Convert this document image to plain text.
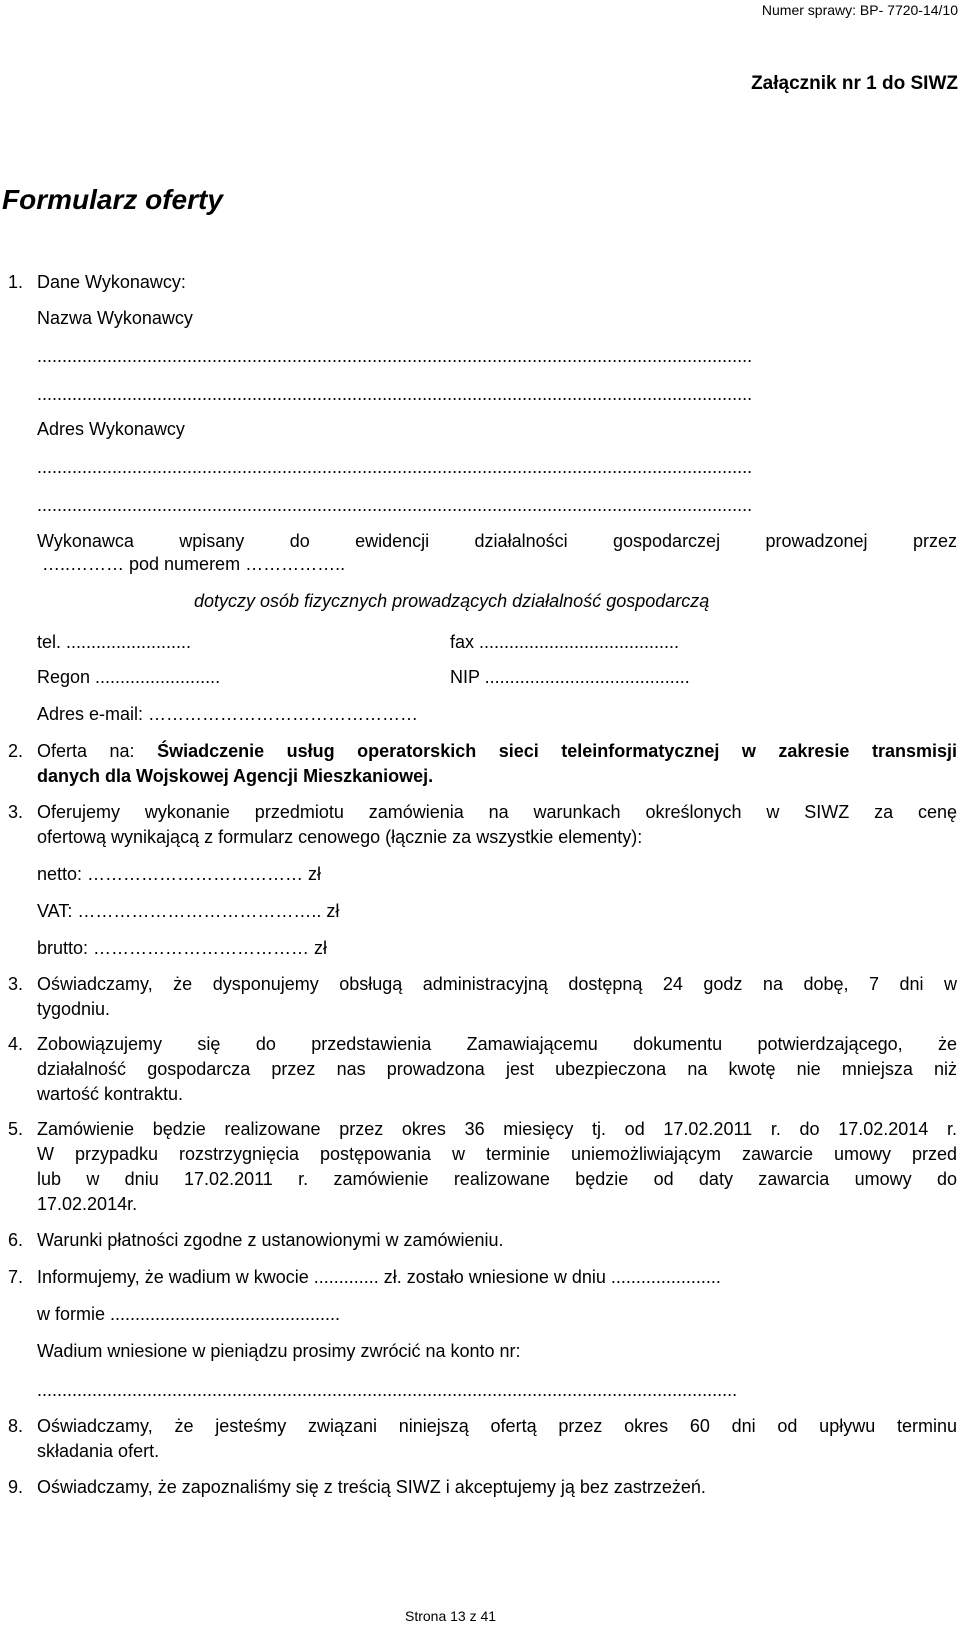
Numer sprawy: BP- 7720-14/10
Załącznik nr 1 do SIWZ
Formularz oferty
1. Dane Wykonawcy:
Nazwa Wykonawcy
...............................................................................................................................................
...............................................................................................................................................
Adres Wykonawcy
...............................................................................................................................................
...............................................................................................................................................
Wykonawca	wpisany	do	ewidencji	działalności	gospodarczej	prowadzonej	przez
…..……… pod numerem ……………..
dotyczy osób fizycznych prowadzących działalność gospodarczą
tel. .........................	fax ........................................
Regon .........................	NIP .........................................
Adres e-mail: ………………………………………
2. Oferta na: Świadczenie usług operatorskich sieci teleinformatycznej w zakresie transmisji
danych dla Wojskowej Agencji Mieszkaniowej.
3. Oferujemy wykonanie przedmiotu zamówienia na warunkach określonych w SIWZ za cenę
ofertową wynikającą z formularz cenowego (łącznie za wszystkie elementy):
netto: ……………………………… zł
VAT: ………………………………….. zł
brutto: ……………………………… zł
3. Oświadczamy, że dysponujemy obsługą administracyjną dostępną 24 godz na dobę, 7 dni w
tygodniu.
4. Zobowiązujemy się do przedstawienia Zamawiającemu dokumentu potwierdzającego, że
działalność gospodarcza przez nas prowadzona jest ubezpieczona na kwotę nie mniejsza niż
wartość kontraktu.
5. Zamówienie będzie realizowane przez okres 36 miesięcy tj. od 17.02.2011 r. do 17.02.2014 r.
W przypadku rozstrzygnięcia postępowania w terminie uniemożliwiającym zawarcie umowy przed
lub w dniu 17.02.2011 r. zamówienie realizowane będzie od daty zawarcia umowy do
17.02.2014r.
6. Warunki płatności zgodne z ustanowionymi w zamówieniu.
7. Informujemy, że wadium w kwocie ............. zł. zostało wniesione w dniu ......................
w formie ..............................................
Wadium wniesione w pieniądzu prosimy zwrócić na konto nr:
............................................................................................................................................
8. Oświadczamy, że jesteśmy związani niniejszą ofertą przez okres 60 dni od upływu terminu
składania ofert.
9. Oświadczamy, że zapoznaliśmy się z treścią SIWZ i akceptujemy ją bez zastrzeżeń.
Strona 13 z 41
